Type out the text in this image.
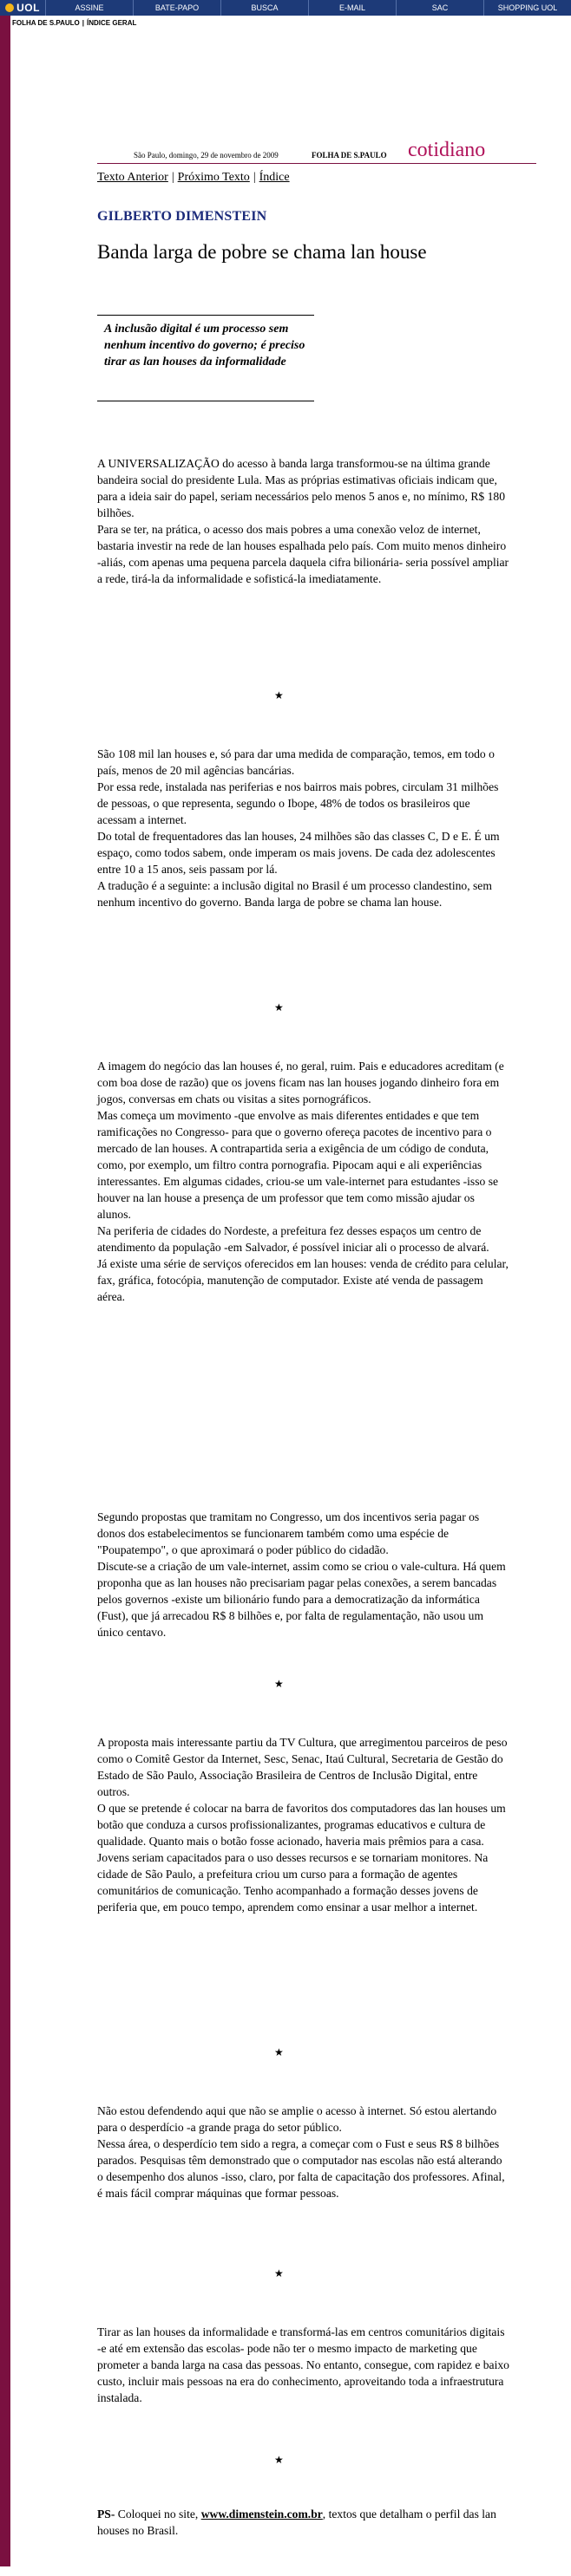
UOL	ASSINE	BATE-PAPO	BUSCA	E-MAIL	SAC	SHOPPING UOL
FOLHA DE S.PAULO | ÍNDICE GERAL
São Paulo, domingo, 29 de novembro de 2009	FOLHA DE S.PAULO cotidiano
Texto Anterior | Próximo Texto | Índice
GILBERTO DIMENSTEIN
Banda larga de pobre se chama lan house
A inclusão digital é um processo sem nenhum incentivo do governo; é preciso tirar as lan houses da informalidade

A UNIVERSALIZAÇÃO do acesso à banda larga transformou-se na última grande bandeira social do presidente Lula. Mas as próprias estimativas oficiais indicam que, para a ideia sair do papel, seriam necessários pelo menos 5 anos e, no mínimo, R$ 180 bilhões.

Para se ter, na prática, o acesso dos mais pobres a uma conexão veloz de internet, bastaria investir na rede de lan houses espalhada pelo país. Com muito menos dinheiro -aliás, com apenas uma pequena parcela daquela cifra bilionária- seria possível ampliar a rede, tirá-la da informalidade e sofisticá-la imediatamente.

★

São 108 mil lan houses e, só para dar uma medida de comparação, temos, em todo o país, menos de 20 mil agências bancárias.

Por essa rede, instalada nas periferias e nos bairros mais pobres, circulam 31 milhões de pessoas, o que representa, segundo o Ibope, 48% de todos os brasileiros que acessam a internet.

Do total de frequentadores das lan houses, 24 milhões são das classes C, D e E. É um espaço, como todos sabem, onde imperam os mais jovens. De cada dez adolescentes entre 10 a 15 anos, seis passam por lá.

A tradução é a seguinte: a inclusão digital no Brasil é um processo clandestino, sem nenhum incentivo do governo. Banda larga de pobre se chama lan house.

★

A imagem do negócio das lan houses é, no geral, ruim. Pais e educadores acreditam (e com boa dose de razão) que os jovens ficam nas lan houses jogando dinheiro fora em jogos, conversas em chats ou visitas a sites pornográficos.

Mas começa um movimento -que envolve as mais diferentes entidades e que tem ramificações no Congresso- para que o governo ofereça pacotes de incentivo para o mercado de lan houses. A contrapartida seria a exigência de um código de conduta, como, por exemplo, um filtro contra pornografia. Pipocam aqui e ali experiências interessantes. Em algumas cidades, criou-se um vale-internet para estudantes -isso se houver na lan house a presença de um professor que tem como missão ajudar os alunos.

Na periferia de cidades do Nordeste, a prefeitura fez desses espaços um centro de atendimento da população -em Salvador, é possível iniciar ali o processo de alvará.

Já existe uma série de serviços oferecidos em lan houses: venda de crédito para celular, fax, gráfica, fotocópia, manutenção de computador. Existe até venda de passagem aérea.

Segundo propostas que tramitam no Congresso, um dos incentivos seria pagar os donos dos estabelecimentos se funcionarem também como uma espécie de "Poupatempo", o que aproximará o poder público do cidadão.

Discute-se a criação de um vale-internet, assim como se criou o vale-cultura. Há quem proponha que as lan houses não precisariam pagar pelas conexões, a serem bancadas pelos governos -existe um bilionário fundo para a democratização da informática (Fust), que já arrecadou R$ 8 bilhões e, por falta de regulamentação, não usou um único centavo.

★

A proposta mais interessante partiu da TV Cultura, que arregimentou parceiros de peso como o Comitê Gestor da Internet, Sesc, Senac, Itaú Cultural, Secretaria de Gestão do Estado de São Paulo, Associação Brasileira de Centros de Inclusão Digital, entre outros.

O que se pretende é colocar na barra de favoritos dos computadores das lan houses um botão que conduza a cursos profissionalizantes, programas educativos e cultura de qualidade. Quanto mais o botão fosse acionado, haveria mais prêmios para a casa.

Jovens seriam capacitados para o uso desses recursos e se tornariam monitores. Na cidade de São Paulo, a prefeitura criou um curso para a formação de agentes comunitários de comunicação. Tenho acompanhado a formação desses jovens de periferia que, em pouco tempo, aprendem como ensinar a usar melhor a internet.

★

Não estou defendendo aqui que não se amplie o acesso à internet. Só estou alertando para o desperdício -a grande praga do setor público.

Nessa área, o desperdício tem sido a regra, a começar com o Fust e seus R$ 8 bilhões parados. Pesquisas têm demonstrado que o computador nas escolas não está alterando o desempenho dos alunos -isso, claro, por falta de capacitação dos professores. Afinal, é mais fácil comprar máquinas que formar pessoas.

★

Tirar as lan houses da informalidade e transformá-las em centros comunitários digitais -e até em extensão das escolas- pode não ter o mesmo impacto de marketing que prometer a banda larga na casa das pessoas. No entanto, consegue, com rapidez e baixo custo, incluir mais pessoas na era do conhecimento, aproveitando toda a infraestrutura instalada.

★
PS- Coloquei no site, www.dimenstein.com.br, textos que detalham o perfil das lan houses no Brasil.
